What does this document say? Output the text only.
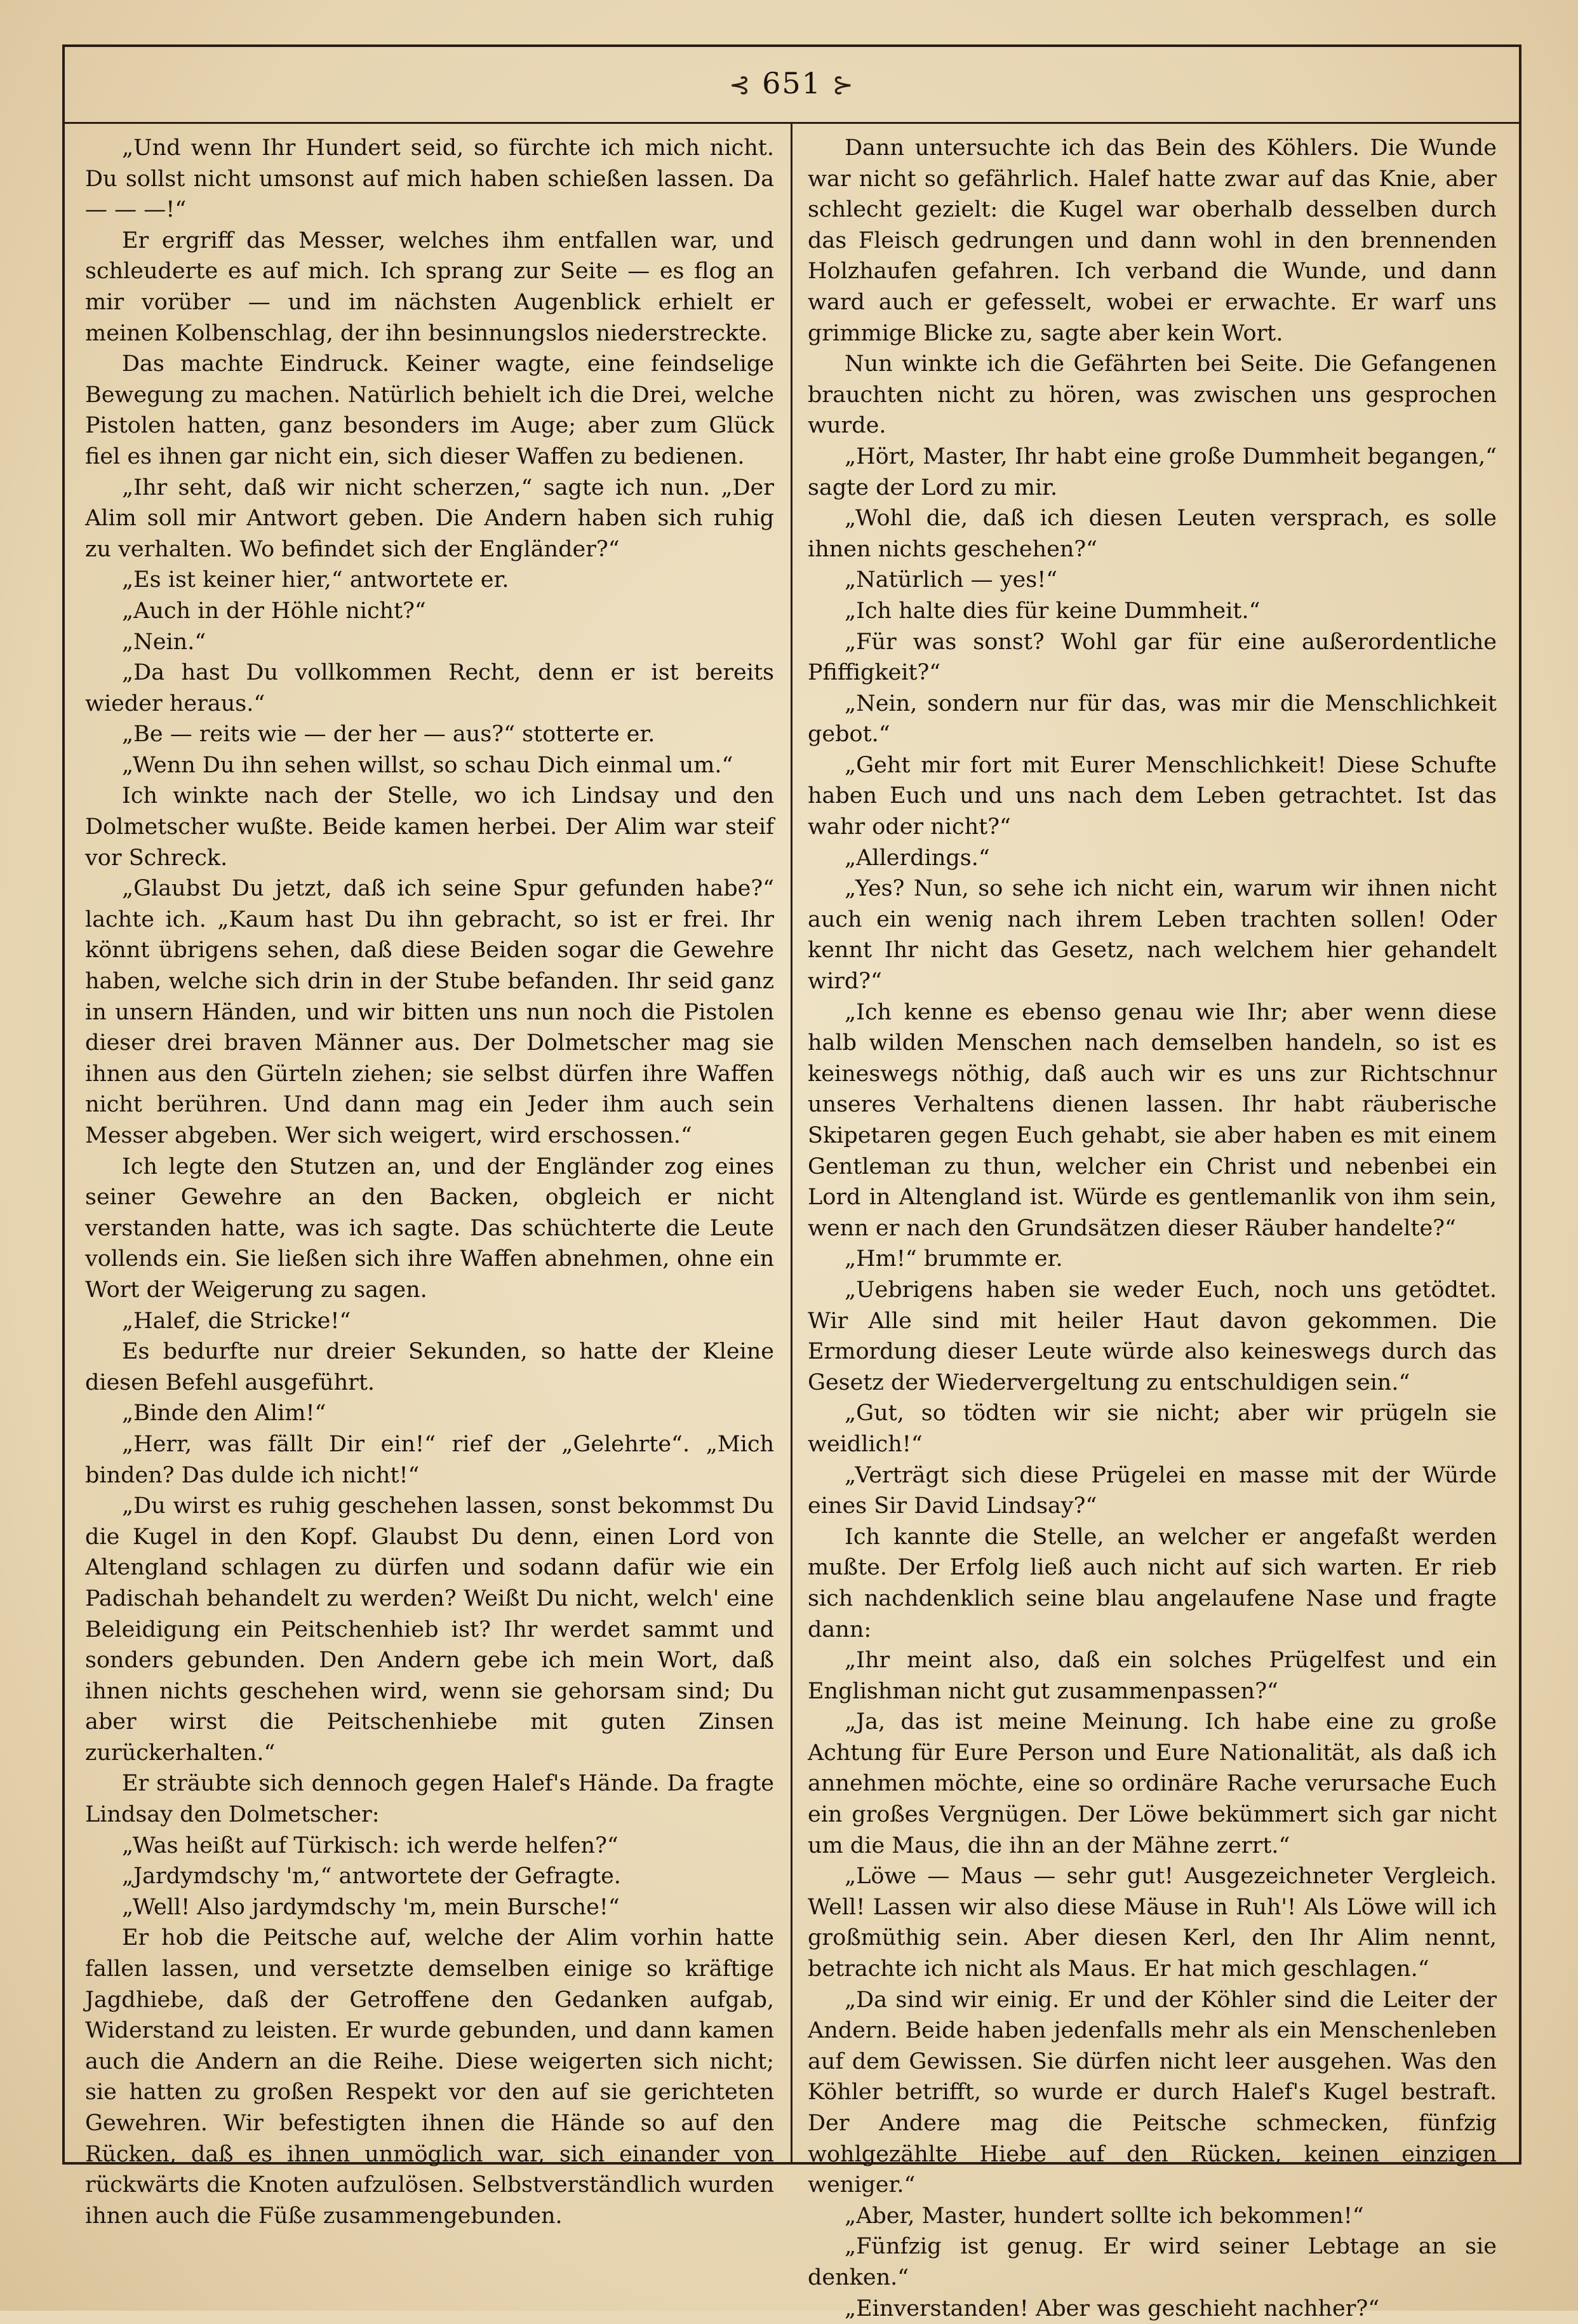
⊰ 651 ⊱

„Und wenn Ihr Hundert seid, so fürchte ich mich nicht. Du sollst nicht umsonst auf mich haben schießen lassen. Da — — —!“

Er ergriff das Messer, welches ihm entfallen war, und schleuderte es auf mich. Ich sprang zur Seite — es flog an mir vorüber — und im nächsten Augenblick erhielt er meinen Kolbenschlag, der ihn besinnungslos niederstreckte.

Das machte Eindruck. Keiner wagte, eine feindselige Bewegung zu machen. Natürlich behielt ich die Drei, welche Pistolen hatten, ganz besonders im Auge; aber zum Glück fiel es ihnen gar nicht ein, sich dieser Waffen zu bedienen.

„Ihr seht, daß wir nicht scherzen,“ sagte ich nun. „Der Alim soll mir Antwort geben. Die Andern haben sich ruhig zu verhalten. Wo befindet sich der Engländer?“

„Es ist keiner hier,“ antwortete er.

„Auch in der Höhle nicht?“

„Nein.“

„Da hast Du vollkommen Recht, denn er ist bereits wieder heraus.“

„Be — reits wie — der her — aus?“ stotterte er.

„Wenn Du ihn sehen willst, so schau Dich einmal um.“

Ich winkte nach der Stelle, wo ich Lindsay und den Dolmetscher wußte. Beide kamen herbei. Der Alim war steif vor Schreck.

„Glaubst Du jetzt, daß ich seine Spur gefunden habe?“ lachte ich. „Kaum hast Du ihn gebracht, so ist er frei. Ihr könnt übrigens sehen, daß diese Beiden sogar die Gewehre haben, welche sich drin in der Stube befanden. Ihr seid ganz in unsern Händen, und wir bitten uns nun noch die Pistolen dieser drei braven Männer aus. Der Dolmetscher mag sie ihnen aus den Gürteln ziehen; sie selbst dürfen ihre Waffen nicht berühren. Und dann mag ein Jeder ihm auch sein Messer abgeben. Wer sich weigert, wird erschossen.“

Ich legte den Stutzen an, und der Engländer zog eines seiner Gewehre an den Backen, obgleich er nicht verstanden hatte, was ich sagte. Das schüchterte die Leute vollends ein. Sie ließen sich ihre Waffen abnehmen, ohne ein Wort der Weigerung zu sagen.

„Halef, die Stricke!“

Es bedurfte nur dreier Sekunden, so hatte der Kleine diesen Befehl ausgeführt.

„Binde den Alim!“

„Herr, was fällt Dir ein!“ rief der „Gelehrte“. „Mich binden? Das dulde ich nicht!“

„Du wirst es ruhig geschehen lassen, sonst bekommst Du die Kugel in den Kopf. Glaubst Du denn, einen Lord von Altengland schlagen zu dürfen und sodann dafür wie ein Padischah behandelt zu werden? Weißt Du nicht, welch' eine Beleidigung ein Peitschenhieb ist? Ihr werdet sammt und sonders gebunden. Den Andern gebe ich mein Wort, daß ihnen nichts geschehen wird, wenn sie gehorsam sind; Du aber wirst die Peitschenhiebe mit guten Zinsen zurückerhalten.“

Er sträubte sich dennoch gegen Halef's Hände. Da fragte Lindsay den Dolmetscher:

„Was heißt auf Türkisch: ich werde helfen?“

„Jardymdschy 'm,“ antwortete der Gefragte.

„Well! Also jardymdschy 'm, mein Bursche!“

Er hob die Peitsche auf, welche der Alim vorhin hatte fallen lassen, und versetzte demselben einige so kräftige Jagdhiebe, daß der Getroffene den Gedanken aufgab, Widerstand zu leisten. Er wurde gebunden, und dann kamen auch die Andern an die Reihe. Diese weigerten sich nicht; sie hatten zu großen Respekt vor den auf sie gerichteten Gewehren. Wir befestigten ihnen die Hände so auf den Rücken, daß es ihnen unmöglich war, sich einander von rückwärts die Knoten aufzulösen. Selbstverständlich wurden ihnen auch die Füße zusammengebunden.

Dann untersuchte ich das Bein des Köhlers. Die Wunde war nicht so gefährlich. Halef hatte zwar auf das Knie, aber schlecht gezielt: die Kugel war oberhalb desselben durch das Fleisch gedrungen und dann wohl in den brennenden Holzhaufen gefahren. Ich verband die Wunde, und dann ward auch er gefesselt, wobei er erwachte. Er warf uns grimmige Blicke zu, sagte aber kein Wort.

Nun winkte ich die Gefährten bei Seite. Die Gefangenen brauchten nicht zu hören, was zwischen uns gesprochen wurde.

„Hört, Master, Ihr habt eine große Dummheit begangen,“ sagte der Lord zu mir.

„Wohl die, daß ich diesen Leuten versprach, es solle ihnen nichts geschehen?“

„Natürlich — yes!“

„Ich halte dies für keine Dummheit.“

„Für was sonst? Wohl gar für eine außerordentliche Pfiffigkeit?“

„Nein, sondern nur für das, was mir die Menschlichkeit gebot.“

„Geht mir fort mit Eurer Menschlichkeit! Diese Schufte haben Euch und uns nach dem Leben getrachtet. Ist das wahr oder nicht?“

„Allerdings.“

„Yes? Nun, so sehe ich nicht ein, warum wir ihnen nicht auch ein wenig nach ihrem Leben trachten sollen! Oder kennt Ihr nicht das Gesetz, nach welchem hier gehandelt wird?“

„Ich kenne es ebenso genau wie Ihr; aber wenn diese halb wilden Menschen nach demselben handeln, so ist es keineswegs nöthig, daß auch wir es uns zur Richtschnur unseres Verhaltens dienen lassen. Ihr habt räuberische Skipetaren gegen Euch gehabt, sie aber haben es mit einem Gentleman zu thun, welcher ein Christ und nebenbei ein Lord in Altengland ist. Würde es gentlemanlik von ihm sein, wenn er nach den Grundsätzen dieser Räuber handelte?“

„Hm!“ brummte er.

„Uebrigens haben sie weder Euch, noch uns getödtet. Wir Alle sind mit heiler Haut davon gekommen. Die Ermordung dieser Leute würde also keineswegs durch das Gesetz der Wiedervergeltung zu entschuldigen sein.“

„Gut, so tödten wir sie nicht; aber wir prügeln sie weidlich!“

„Verträgt sich diese Prügelei en masse mit der Würde eines Sir David Lindsay?“

Ich kannte die Stelle, an welcher er angefaßt werden mußte. Der Erfolg ließ auch nicht auf sich warten. Er rieb sich nachdenklich seine blau angelaufene Nase und fragte dann:

„Ihr meint also, daß ein solches Prügelfest und ein Englishman nicht gut zusammenpassen?“

„Ja, das ist meine Meinung. Ich habe eine zu große Achtung für Eure Person und Eure Nationalität, als daß ich annehmen möchte, eine so ordinäre Rache verursache Euch ein großes Vergnügen. Der Löwe bekümmert sich gar nicht um die Maus, die ihn an der Mähne zerrt.“

„Löwe — Maus — sehr gut! Ausgezeichneter Vergleich. Well! Lassen wir also diese Mäuse in Ruh'! Als Löwe will ich großmüthig sein. Aber diesen Kerl, den Ihr Alim nennt, betrachte ich nicht als Maus. Er hat mich geschlagen.“

„Da sind wir einig. Er und der Köhler sind die Leiter der Andern. Beide haben jedenfalls mehr als ein Menschenleben auf dem Gewissen. Sie dürfen nicht leer ausgehen. Was den Köhler betrifft, so wurde er durch Halef's Kugel bestraft. Der Andere mag die Peitsche schmecken, fünfzig wohlgezählte Hiebe auf den Rücken, keinen einzigen weniger.“

„Aber, Master, hundert sollte ich bekommen!“

„Fünfzig ist genug. Er wird seiner Lebtage an sie denken.“

„Einverstanden! Aber was geschieht nachher?“
